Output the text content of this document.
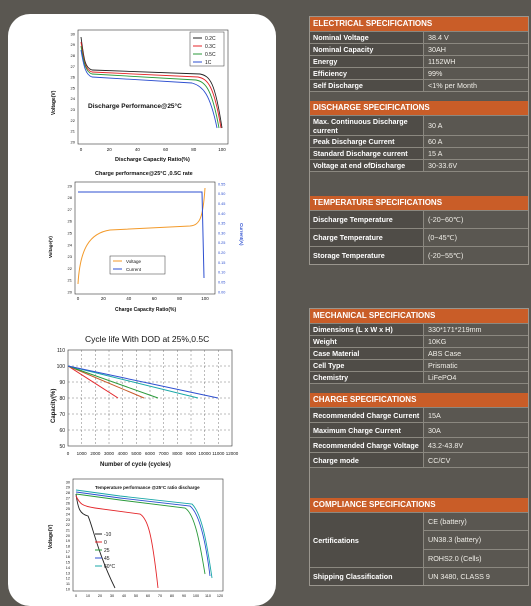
20
21
22
23
24
25
26
27
28
29
30
0	20	40	60	80	100
Discharge Performance@25°C
Discharge Capacity Ratio(%)
Voltage(V)
0.2C
0.3C
0.5C
1C
Charge performance@25°C ,0.5C rate
20
21
22
23
24
25
26
27
28
29
0.00
0.05
0.10
0.15
0.20
0.25
0.30
0.35
0.40
0.45
0.50
0.55
0	20	40	60	80	100
Charge Capacity Ratio(%)
Voltage(V)
Current(A)
Voltage
Current
Cycle life With DOD at 25%,0.5C
50
60
70
80
90
100
110
0 1000 2000 3000 4000 5000 6000 7000 8000 9000 10000 11000 12000
Number of cycle (cycles)
Capacity(%)
Temperature performance @25°C ratio discharge
10
11
12
13
14
15
16
17
18
19
20
21
22
23
24
25
26
27
28
29
30
0 10 20 30 40 50 60 70 80 90 100 110 120
Voltage(V)	-10
0
25
45
60°C
ELECTRICAL SPECIFICATIONS
Nominal Voltage	38.4 V
Nominal Capacity	30AH
Energy	1152WH
Efficiency	99%
Self Discharge	<1% per Month
DISCHARGE SPECIFICATIONS
Max. Continuous Discharge current	30 A
Peak Discharge Current	60 A
Standard Discharge current	15 A
Voltage at end ofDischarge	30-33.6V
TEMPERATURE SPECIFICATIONS
Discharge Temperature	(-20~60℃)
Charge Temperature	(0~45℃)
Storage Temperature	(-20~55℃)
MECHANICAL SPECIFICATIONS
Dimensions (L x W x H)	330*171*219mm
Weight	10KG
Case Material	ABS Case
Cell Type	Prismatic
Chemistry	LiFePO4
CHARGE SPECIFICATIONS
Recommended Charge Current	15A
Maximum Charge Current	30A
Recommended Charge Voltage	43.2-43.8V
Charge mode	CC/CV
COMPLIANCE SPECIFICATIONS
Certifications
CE (battery)
UN38.3 (battery)
ROHS2.0 (Cells)
Shipping Classification	UN 3480, CLASS 9
